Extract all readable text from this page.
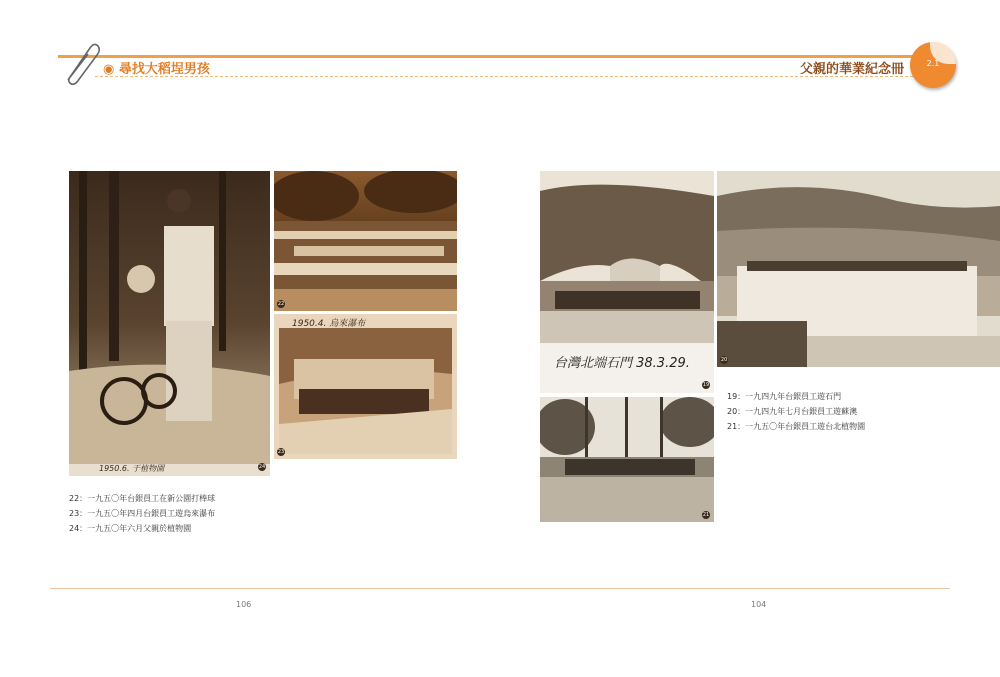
◉ 尋找大稻埕男孩	父親的華業紀念冊	2.1
1950.6. 于植物園	24
22
1950.4. 烏來瀑布
23
22：一九五〇年台銀員工在新公園打棒球
23：一九五〇年四月台銀員工遊烏來瀑布
24：一九五〇年六月父親於植物園
台灣北端石門 38.3.29.
19
20
21
19：一九四九年台銀員工遊石門
20：一九四九年七月台銀員工遊蘇澳
21：一九五〇年台銀員工遊台北植物園
106	104
